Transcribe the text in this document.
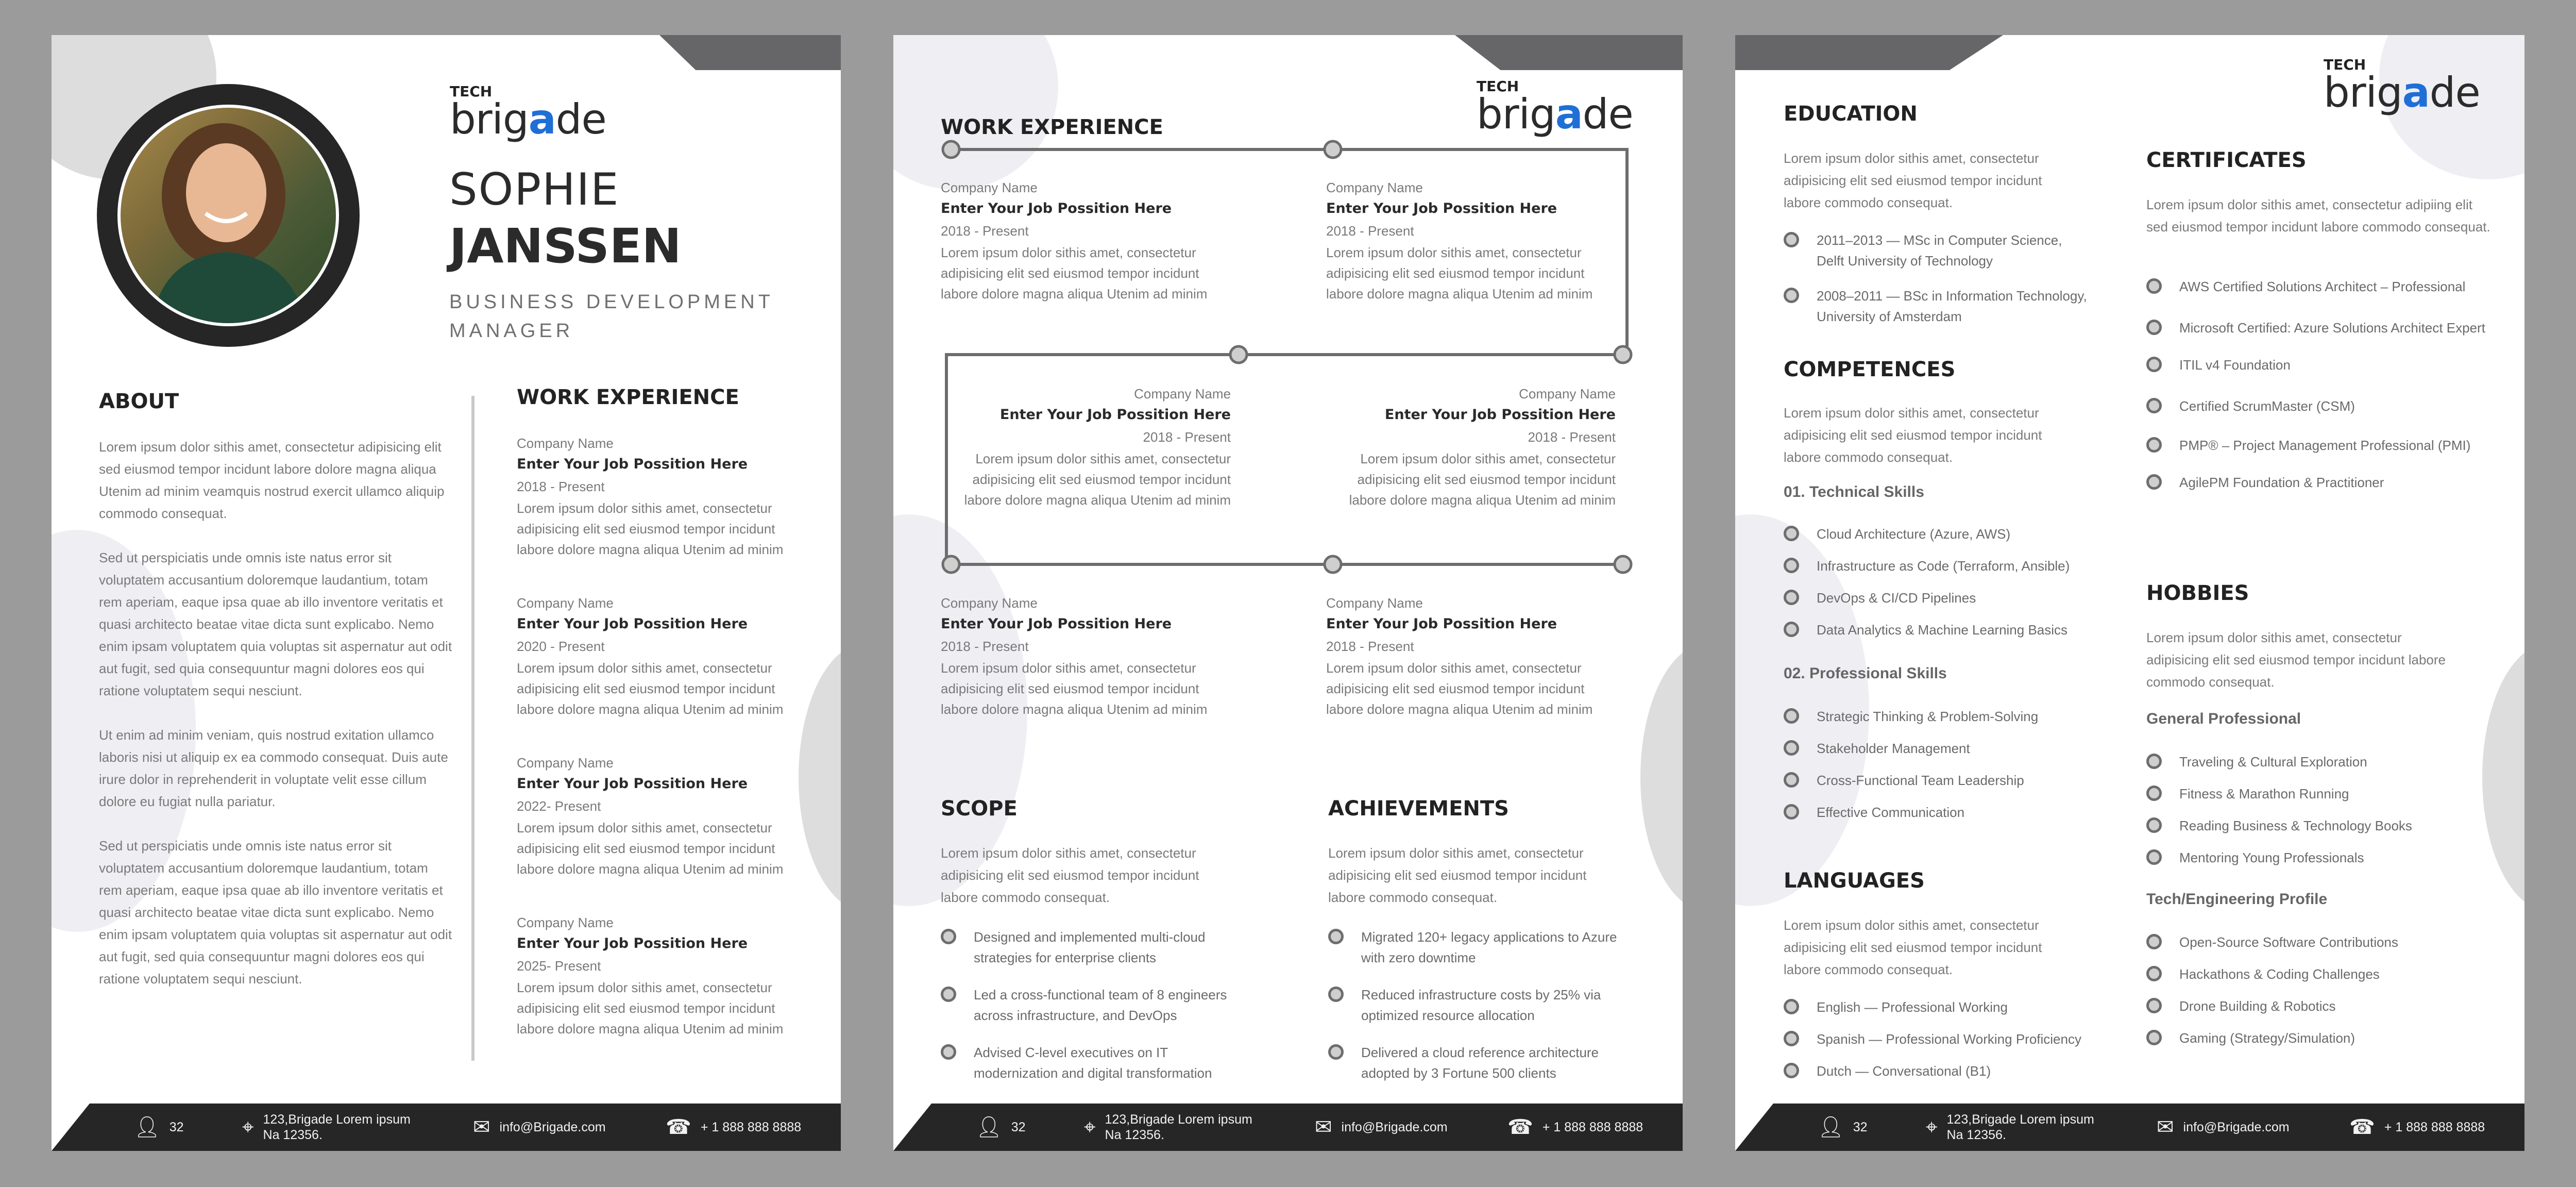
TECH
brigade
SOPHIE
JANSSEN
BUSINESS DEVELOPMENT
MANAGER
ABOUT

Lorem ipsum dolor sithis amet, consectetur adipisicing elit sed eiusmod tempor incidunt labore dolore magna aliqua Utenim ad minim veamquis nostrud exercit ullamco aliquip commodo consequat.

Sed ut perspiciatis unde omnis iste natus error sit voluptatem accusantium doloremque laudantium, totam rem aperiam, eaque ipsa quae ab illo inventore veritatis et quasi architecto beatae vitae dicta sunt explicabo. Nemo enim ipsam voluptatem quia voluptas sit aspernatur aut odit aut fugit, sed quia consequuntur magni dolores eos qui ratione voluptatem sequi nesciunt.

Ut enim ad minim veniam, quis nostrud exitation ullamco laboris nisi ut aliquip ex ea commodo consequat. Duis aute irure dolor in reprehenderit in voluptate velit esse cillum dolore eu fugiat nulla pariatur.

Sed ut perspiciatis unde omnis iste natus error sit voluptatem accusantium doloremque laudantium, totam rem aperiam, eaque ipsa quae ab illo inventore veritatis et quasi architecto beatae vitae dicta sunt explicabo. Nemo enim ipsam voluptatem quia voluptas sit aspernatur aut odit aut fugit, sed quia consequuntur magni dolores eos qui ratione voluptatem sequi nesciunt.

WORK EXPERIENCE
Company Name
Enter Your Job Possition Here
2018 - Present
Lorem ipsum dolor sithis amet, consectetur adipisicing elit sed eiusmod tempor incidunt labore dolore magna aliqua Utenim ad minim
Company Name
Enter Your Job Possition Here
2020 - Present
Lorem ipsum dolor sithis amet, consectetur adipisicing elit sed eiusmod tempor incidunt labore dolore magna aliqua Utenim ad minim
Company Name
Enter Your Job Possition Here
2022- Present
Lorem ipsum dolor sithis amet, consectetur adipisicing elit sed eiusmod tempor incidunt labore dolore magna aliqua Utenim ad minim
Company Name
Enter Your Job Possition Here
2025- Present
Lorem ipsum dolor sithis amet, consectetur adipisicing elit sed eiusmod tempor incidunt labore dolore magna aliqua Utenim ad minim
👤︎ 32	⌖ 123,Brigade Lorem ipsum
Na 12356.	✉ info@Brigade.com	☎ + 1 888 888 8888
WORK EXPERIENCE
TECH
brigade
Company Name
Enter Your Job Possition Here
2018 - Present
Lorem ipsum dolor sithis amet, consectetur adipisicing elit sed eiusmod tempor incidunt labore dolore magna aliqua Utenim ad minim
Company Name
Enter Your Job Possition Here
2018 - Present
Lorem ipsum dolor sithis amet, consectetur adipisicing elit sed eiusmod tempor incidunt labore dolore magna aliqua Utenim ad minim
Company Name
Enter Your Job Possition Here
2018 - Present
Lorem ipsum dolor sithis amet, consectetur adipisicing elit sed eiusmod tempor incidunt labore dolore magna aliqua Utenim ad minim
Company Name
Enter Your Job Possition Here
2018 - Present
Lorem ipsum dolor sithis amet, consectetur adipisicing elit sed eiusmod tempor incidunt labore dolore magna aliqua Utenim ad minim
Company Name
Enter Your Job Possition Here
2018 - Present
Lorem ipsum dolor sithis amet, consectetur adipisicing elit sed eiusmod tempor incidunt labore dolore magna aliqua Utenim ad minim
Company Name
Enter Your Job Possition Here
2018 - Present
Lorem ipsum dolor sithis amet, consectetur adipisicing elit sed eiusmod tempor incidunt labore dolore magna aliqua Utenim ad minim
SCOPE
Lorem ipsum dolor sithis amet, consectetur adipisicing elit sed eiusmod tempor incidunt labore commodo consequat.
Designed and implemented multi-cloud strategies for enterprise clients
Led a cross-functional team of 8 engineers across infrastructure, and DevOps
Advised C-level executives on IT modernization and digital transformation
ACHIEVEMENTS
Lorem ipsum dolor sithis amet, consectetur adipisicing elit sed eiusmod tempor incidunt labore commodo consequat.
Migrated 120+ legacy applications to Azure with zero downtime
Reduced infrastructure costs by 25% via optimized resource allocation
Delivered a cloud reference architecture adopted by 3 Fortune 500 clients
👤︎ 32	⌖ 123,Brigade Lorem ipsum
Na 12356.	✉ info@Brigade.com	☎ + 1 888 888 8888
TECH
brigade
EDUCATION
Lorem ipsum dolor sithis amet, consectetur adipisicing elit sed eiusmod tempor incidunt labore commodo consequat.
2011–2013 — MSc in Computer Science, Delft University of Technology
2008–2011 — BSc in Information Technology, University of Amsterdam
COMPETENCES
Lorem ipsum dolor sithis amet, consectetur adipisicing elit sed eiusmod tempor incidunt labore commodo consequat.
01. Technical Skills
Cloud Architecture (Azure, AWS)
Infrastructure as Code (Terraform, Ansible)
DevOps & CI/CD Pipelines
Data Analytics & Machine Learning Basics
02. Professional Skills
Strategic Thinking & Problem-Solving
Stakeholder Management
Cross-Functional Team Leadership
Effective Communication
LANGUAGES
Lorem ipsum dolor sithis amet, consectetur adipisicing elit sed eiusmod tempor incidunt labore commodo consequat.
English — Professional Working
Spanish — Professional Working Proficiency
Dutch — Conversational (B1)
CERTIFICATES
Lorem ipsum dolor sithis amet, consectetur adipiing elit sed eiusmod tempor incidunt labore commodo consequat.
AWS Certified Solutions Architect – Professional
Microsoft Certified: Azure Solutions Architect Expert
ITIL v4 Foundation
Certified ScrumMaster (CSM)
PMP® – Project Management Professional (PMI)
AgilePM Foundation & Practitioner
HOBBIES
Lorem ipsum dolor sithis amet, consectetur adipisicing elit sed eiusmod tempor incidunt labore commodo consequat.
General Professional
Traveling & Cultural Exploration
Fitness & Marathon Running
Reading Business & Technology Books
Mentoring Young Professionals
Tech/Engineering Profile
Open-Source Software Contributions
Hackathons & Coding Challenges
Drone Building & Robotics
Gaming (Strategy/Simulation)
👤︎ 32	⌖ 123,Brigade Lorem ipsum
Na 12356.	✉ info@Brigade.com	☎ + 1 888 888 8888
